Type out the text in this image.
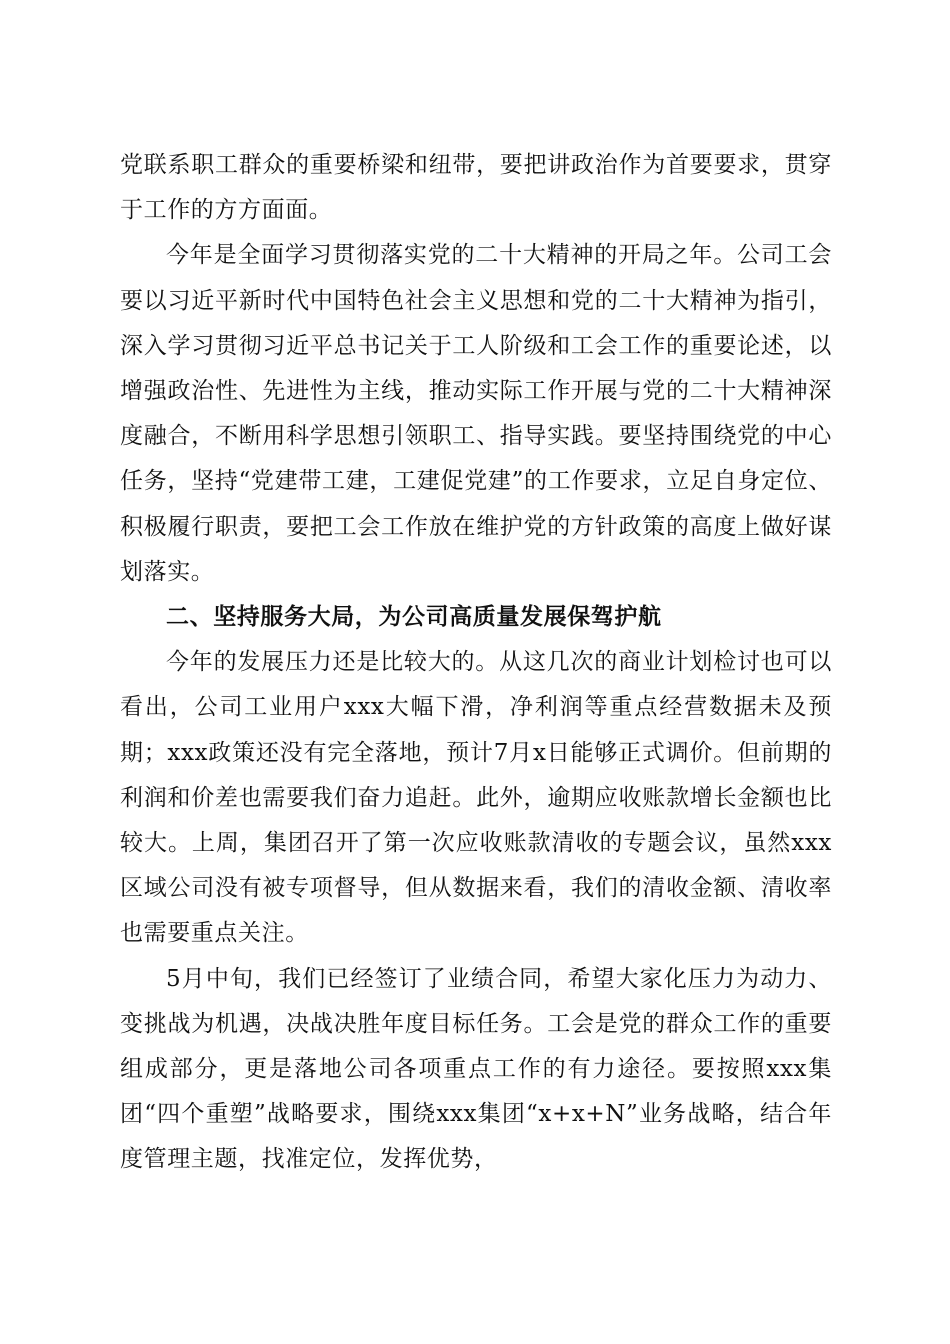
党联系职工群众的重要桥梁和纽带，要把讲政治作为首要要求，贯穿于工作的方方面面。

今年是全面学习贯彻落实党的二十大精神的开局之年。公司工会要以习近平新时代中国特色社会主义思想和党的二十大精神为指引，深入学习贯彻习近平总书记关于工人阶级和工会工作的重要论述，以增强政治性、先进性为主线，推动实际工作开展与党的二十大精神深度融合，不断用科学思想引领职工、指导实践。要坚持围绕党的中心任务，坚持“党建带工建，工建促党建”的工作要求，立足自身定位、积极履行职责，要把工会工作放在维护党的方针政策的高度上做好谋划落实。

二、坚持服务大局，为公司高质量发展保驾护航

今年的发展压力还是比较大的。从这几次的商业计划检讨也可以看出，公司工业用户xxx大幅下滑，净利润等重点经营数据未及预期；xxx政策还没有完全落地，预计7月x日能够正式调价。但前期的利润和价差也需要我们奋力追赶。此外，逾期应收账款增长金额也比较大。上周，集团召开了第一次应收账款清收的专题会议，虽然xxx区域公司没有被专项督导，但从数据来看，我们的清收金额、清收率也需要重点关注。

5月中旬，我们已经签订了业绩合同，希望大家化压力为动力、变挑战为机遇，决战决胜年度目标任务。工会是党的群众工作的重要组成部分，更是落地公司各项重点工作的有力途径。要按照xxx集团“四个重塑”战略要求，围绕xxx集团“x+x+N”业务战略，结合年度管理主题，找准定位，发挥优势，
